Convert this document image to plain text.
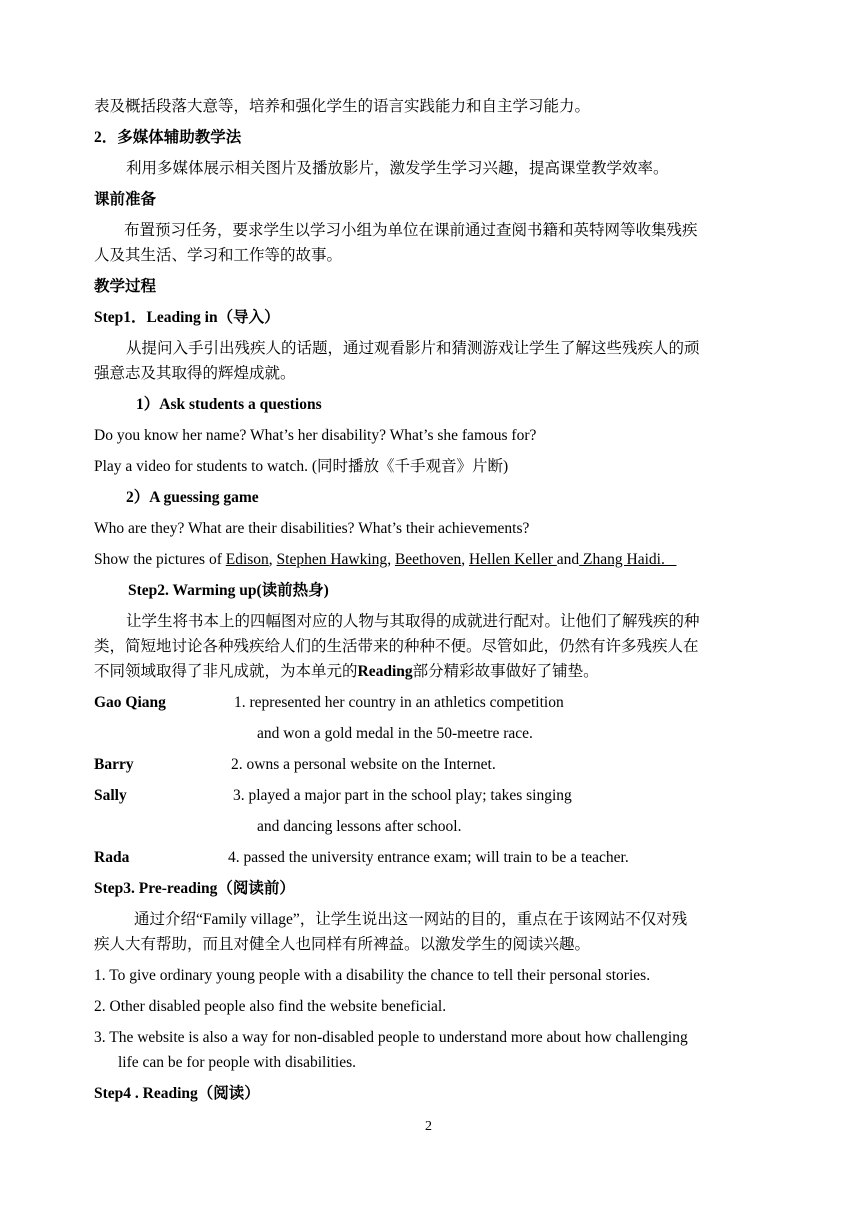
表及概括段落大意等，培养和强化学生的语言实践能力和自主学习能力。
2．多媒体辅助教学法
利用多媒体展示相关图片及播放影片，激发学生学习兴趣，提高课堂教学效率。
课前准备
布置预习任务，要求学生以学习小组为单位在课前通过查阅书籍和英特网等收集残疾
人及其生活、学习和工作等的故事。
教学过程
Step1．Leading in（导入）
从提问入手引出残疾人的话题，通过观看影片和猜测游戏让学生了解这些残疾人的顽
强意志及其取得的辉煌成就。
1）Ask students a questions
Do you know her name? What’s her disability? What’s she famous for?
Play a video for students to watch. (同时播放《千手观音》片断)
2）A guessing game
Who are they? What are their disabilities? What’s their achievements?
Show the pictures of Edison, Stephen Hawking, Beethoven, Hellen Keller and Zhang Haidi.
Step2. Warming up(读前热身)
让学生将书本上的四幅图对应的人物与其取得的成就进行配对。让他们了解残疾的种
类，简短地讨论各种残疾给人们的生活带来的种种不便。尽管如此，仍然有许多残疾人在
不同领域取得了非凡成就，为本单元的Reading部分精彩故事做好了铺垫。
Gao Qiang	1. represented her country in an athletics competition
and won a gold medal in the 50-meetre race.
Barry	2. owns a personal website on the Internet.
Sally	3. played a major part in the school play; takes singing
and dancing lessons after school.
Rada	4. passed the university entrance exam; will train to be a teacher.
Step3. Pre-reading（阅读前）
通过介绍“Family village”，让学生说出这一网站的目的，重点在于该网站不仅对残
疾人大有帮助，而且对健全人也同样有所裨益。以激发学生的阅读兴趣。
1. To give ordinary young people with a disability the chance to tell their personal stories.
2. Other disabled people also find the website beneficial.
3. The website is also a way for non-disabled people to understand more about how challenging
life can be for people with disabilities.
Step4 . Reading（阅读）
2
